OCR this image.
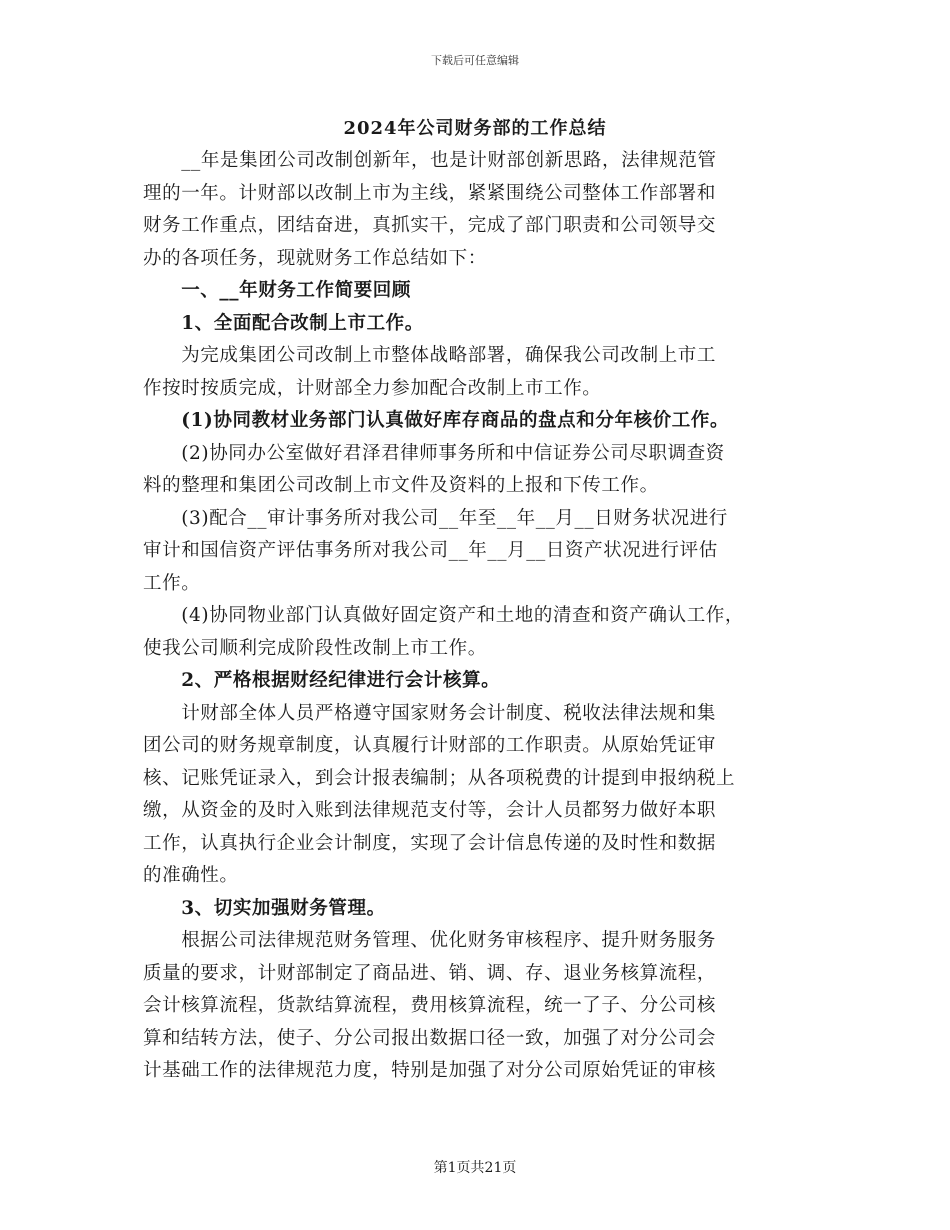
下载后可任意编辑
2024年公司财务部的工作总结
　　__年是集团公司改制创新年，也是计财部创新思路，法律规范管
理的一年。计财部以改制上市为主线，紧紧围绕公司整体工作部署和
财务工作重点，团结奋进，真抓实干，完成了部门职责和公司领导交
办的各项任务，现就财务工作总结如下：
　　一、__年财务工作简要回顾
　　1、全面配合改制上市工作。
　　为完成集团公司改制上市整体战略部署，确保我公司改制上市工
作按时按质完成，计财部全力参加配合改制上市工作。
　　(1)协同教材业务部门认真做好库存商品的盘点和分年核价工作。
　　(2)协同办公室做好君泽君律师事务所和中信证券公司尽职调查资
料的整理和集团公司改制上市文件及资料的上报和下传工作。
　　(3)配合__审计事务所对我公司__年至__年__月__日财务状况进行
审计和国信资产评估事务所对我公司__年__月__日资产状况进行评估
工作。
　　(4)协同物业部门认真做好固定资产和土地的清查和资产确认工作，
使我公司顺利完成阶段性改制上市工作。
　　2、严格根据财经纪律进行会计核算。
　　计财部全体人员严格遵守国家财务会计制度、税收法律法规和集
团公司的财务规章制度，认真履行计财部的工作职责。从原始凭证审
核、记账凭证录入，到会计报表编制；从各项税费的计提到申报纳税上
缴，从资金的及时入账到法律规范支付等，会计人员都努力做好本职
工作，认真执行企业会计制度，实现了会计信息传递的及时性和数据
的准确性。
　　3、切实加强财务管理。
　　根据公司法律规范财务管理、优化财务审核程序、提升财务服务
质量的要求，计财部制定了商品进、销、调、存、退业务核算流程，
会计核算流程，货款结算流程，费用核算流程，统一了子、分公司核
算和结转方法，使子、分公司报出数据口径一致，加强了对分公司会
计基础工作的法律规范力度，特别是加强了对分公司原始凭证的审核
第1页共21页
